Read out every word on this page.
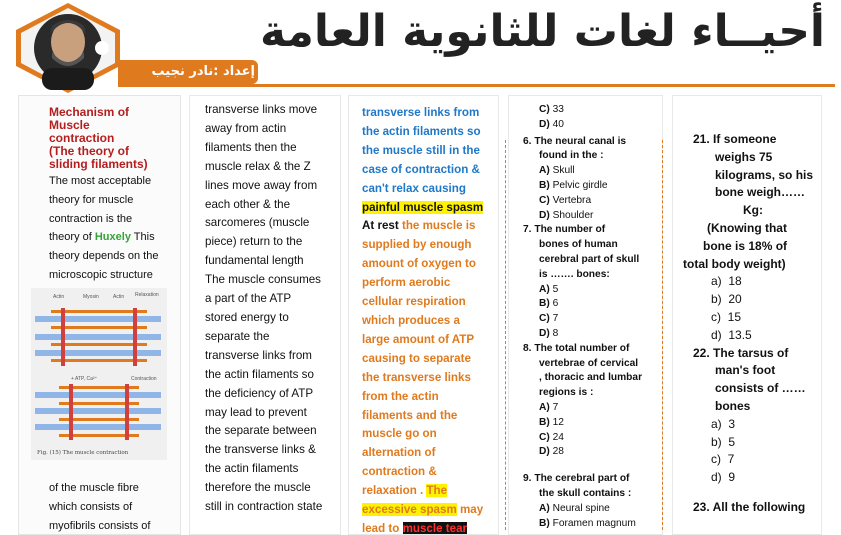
أحيــاء لغات للثانوية العامة
إعداد :نادر نجيب
Mechanism of
Muscle
contraction
(The theory of
sliding filaments)
The most acceptable
theory for muscle
contraction is the
theory of Huxely This
theory depends on the
microscopic structure
Actin	Myosin	Actin Relaxation
+ ATP, Ca²⁺	Contraction
Fig. (15) The muscle contraction
of the muscle fibre
which consists of
myofibrils consists of
transverse links move
away from actin
filaments then the
muscle relax & the Z
lines move away from
each other & the
sarcomeres (muscle
piece) return to the
fundamental length
The muscle consumes
a part of the ATP
stored energy to
separate the
transverse links from
the actin filaments so
the deficiency of ATP
may lead to prevent
the separate between
the transverse links &
the actin filaments
therefore the muscle
still in contraction state
transverse links from
the actin filaments so
the muscle still in the
case of contraction &
can't relax causing
painful muscle spasm
At rest the muscle is
supplied by enough
amount of oxygen to
perform aerobic
cellular respiration
which produces a
large amount of ATP
causing to separate
the transverse links
from the actin
filaments and the
muscle go on
alternation of
contraction &
relaxation . The
excessive spasm may
lead to muscle tear
C) 33
D) 40
6. The neural canal is
found in the :
A) Skull
B) Pelvic girdle
C) Vertebra
D) Shoulder
7. The number of
bones of human
cerebral part of skull
is ……. bones:
A) 5
B) 6
C) 7
D) 8
8. The total number of
vertebrae of cervical
, thoracic and lumbar
regions is :
A) 7
B) 12
C) 24
D) 28
9. The cerebral part of
the skull contains :
A) Neural spine
B) Foramen magnum
21. If someone
weighs 75
kilograms, so his
bone weigh……
Kg:
(Knowing that
bone is 18% of
total body weight)
a) 18
b) 20
c) 15
d) 13.5
22. The tarsus of
man's foot
consists of ……
bones
a) 3
b) 5
c) 7
d) 9
23. All the following
